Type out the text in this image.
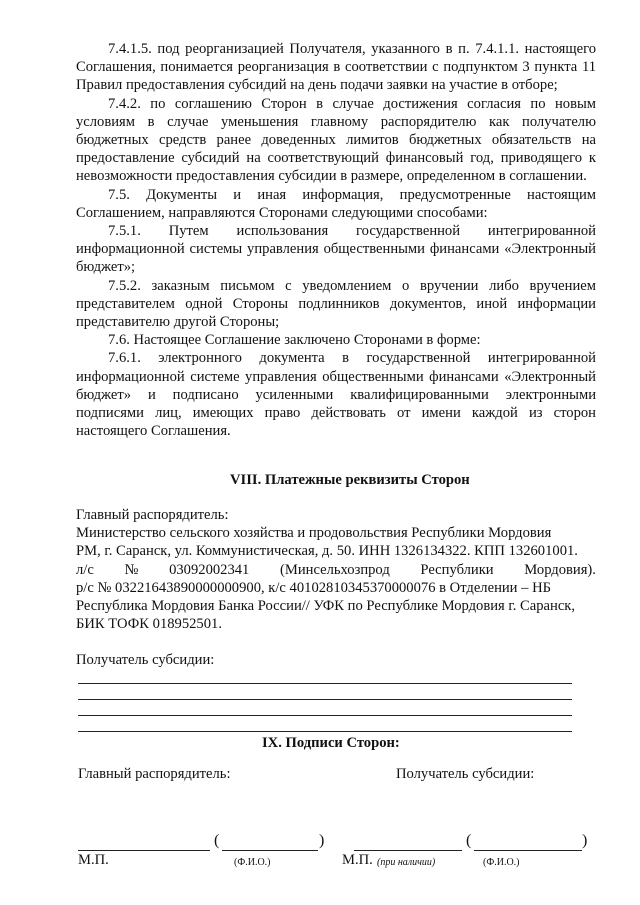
7.4.1.5. под реорганизацией Получателя, указанного в п. 7.4.1.1. настоящего Соглашения, понимается реорганизация в соответствии с подпунктом 3 пункта 11 Правил предоставления субсидий на день подачи заявки на участие в отборе;

7.4.2. по соглашению Сторон в случае достижения согласия по новым условиям в случае уменьшения главному распорядителю как получателю бюджетных средств ранее доведенных лимитов бюджетных обязательств на предоставление субсидий на соответствующий финансовый год, приводящего к невозможности предоставления субсидии в размере, определенном в соглашении.

7.5. Документы и иная информация, предусмотренные настоящим Соглашением, направляются Сторонами следующими способами:

7.5.1. Путем использования государственной интегрированной информационной системы управления общественными финансами «Электронный бюджет»;

7.5.2. заказным письмом с уведомлением о вручении либо вручением представителем одной Стороны подлинников документов, иной информации представителю другой Стороны;

7.6. Настоящее Соглашение заключено Сторонами в форме:

7.6.1. электронного документа в государственной интегрированной информационной системе управления общественными финансами «Электронный бюджет» и подписано усиленными квалифицированными электронными подписями лиц, имеющих право действовать от имени каждой из сторон настоящего Соглашения.

VIII. Платежные реквизиты Сторон
Главный распорядитель:
Министерство сельского хозяйства и продовольствия Республики Мордовия
РМ, г. Саранск, ул. Коммунистическая, д. 50. ИНН 1326134322. КПП 132601001.
л/с № 03092002341 (Минсельхозпрод Республики Мордовия).
р/с № 03221643890000000900, к/с 40102810345370000076 в Отделении – НБ
Республика Мордовия Банка России// УФК по Республике Мордовия г. Саранск,
БИК ТОФК 018952501.
Получатель субсидии:
IX. Подписи Сторон:
Главный распорядитель:	Получатель субсидии:
(	)	(	)
М.П.	(Ф.И.О.)	М.П. (при наличии)	(Ф.И.О.)
